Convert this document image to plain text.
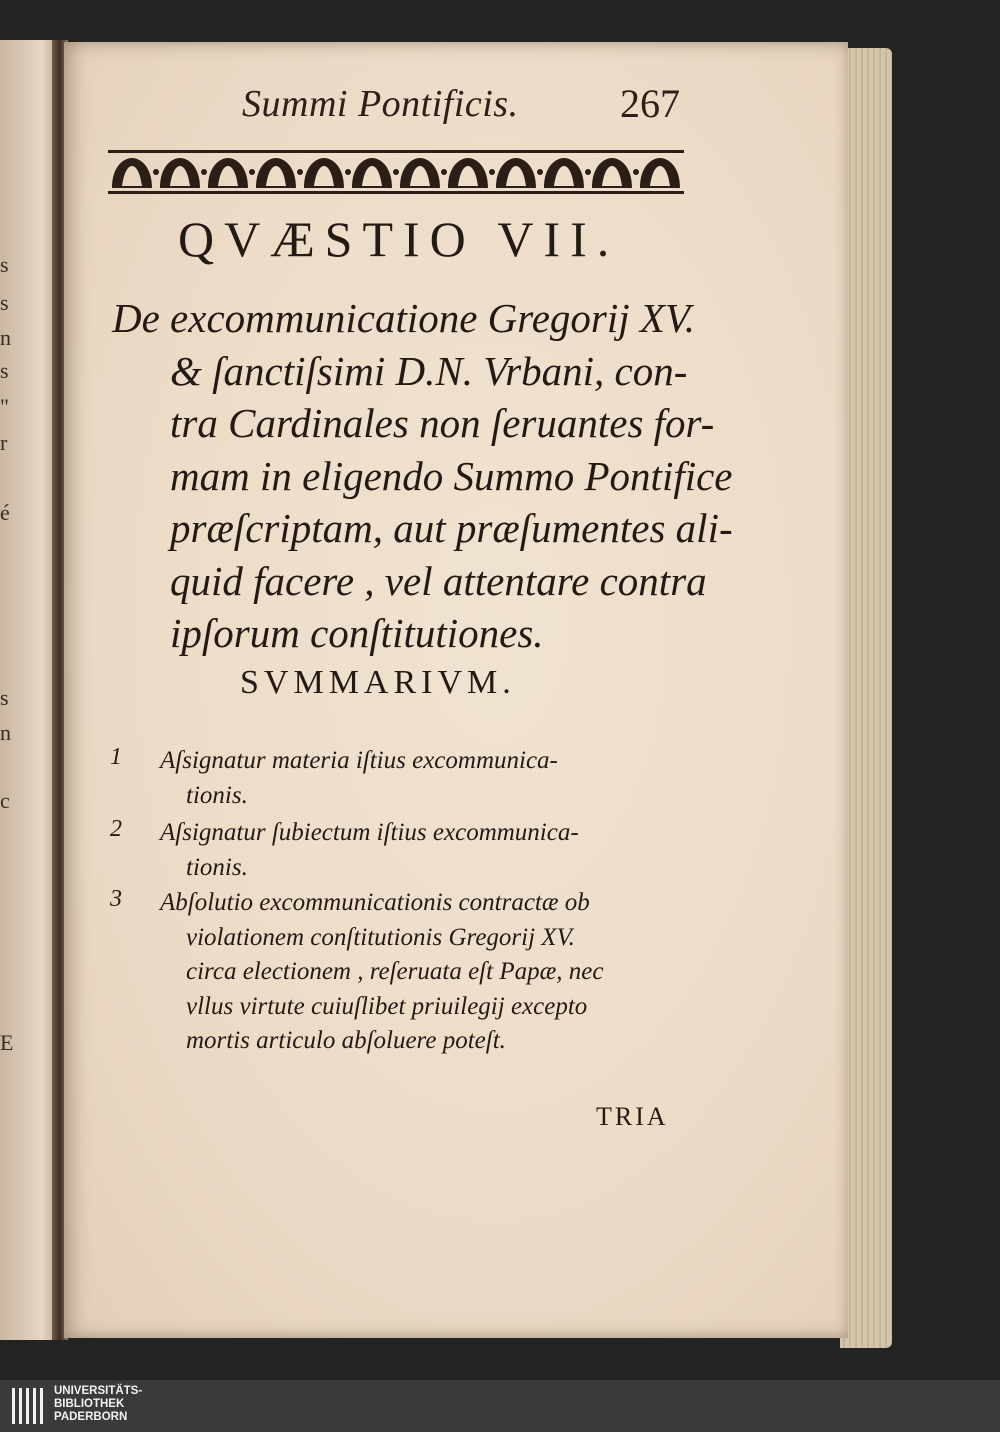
s
s
n
s
"
r
é
s
n
c
E
Summi Pontificis.	267
QVÆSTIO VII.
De excommunicatione Gregorij XV.
& ſanctiſsimi D.N. Vrbani, con-
tra Cardinales non ſeruantes for-
mam in eligendo Summo Pontifice
præſcriptam, aut præſumentes ali-
quid facere , vel attentare contra
ipſorum conſtitutiones.
SVMMARIVM.
1 Aſsignatur materia iſtius excommunica-
tionis.
2 Aſsignatur ſubiectum iſtius excommunica-
tionis.
3 Abſolutio excommunicationis contractæ ob
violationem conſtitutionis Gregorij XV.
circa electionem , reſeruata eſt Papæ, nec
vllus virtute cuiuſlibet priuilegij excepto
mortis articulo abſoluere poteſt.
TRIA
UNIVERSITÄTS-
BIBLIOTHEK
PADERBORN
